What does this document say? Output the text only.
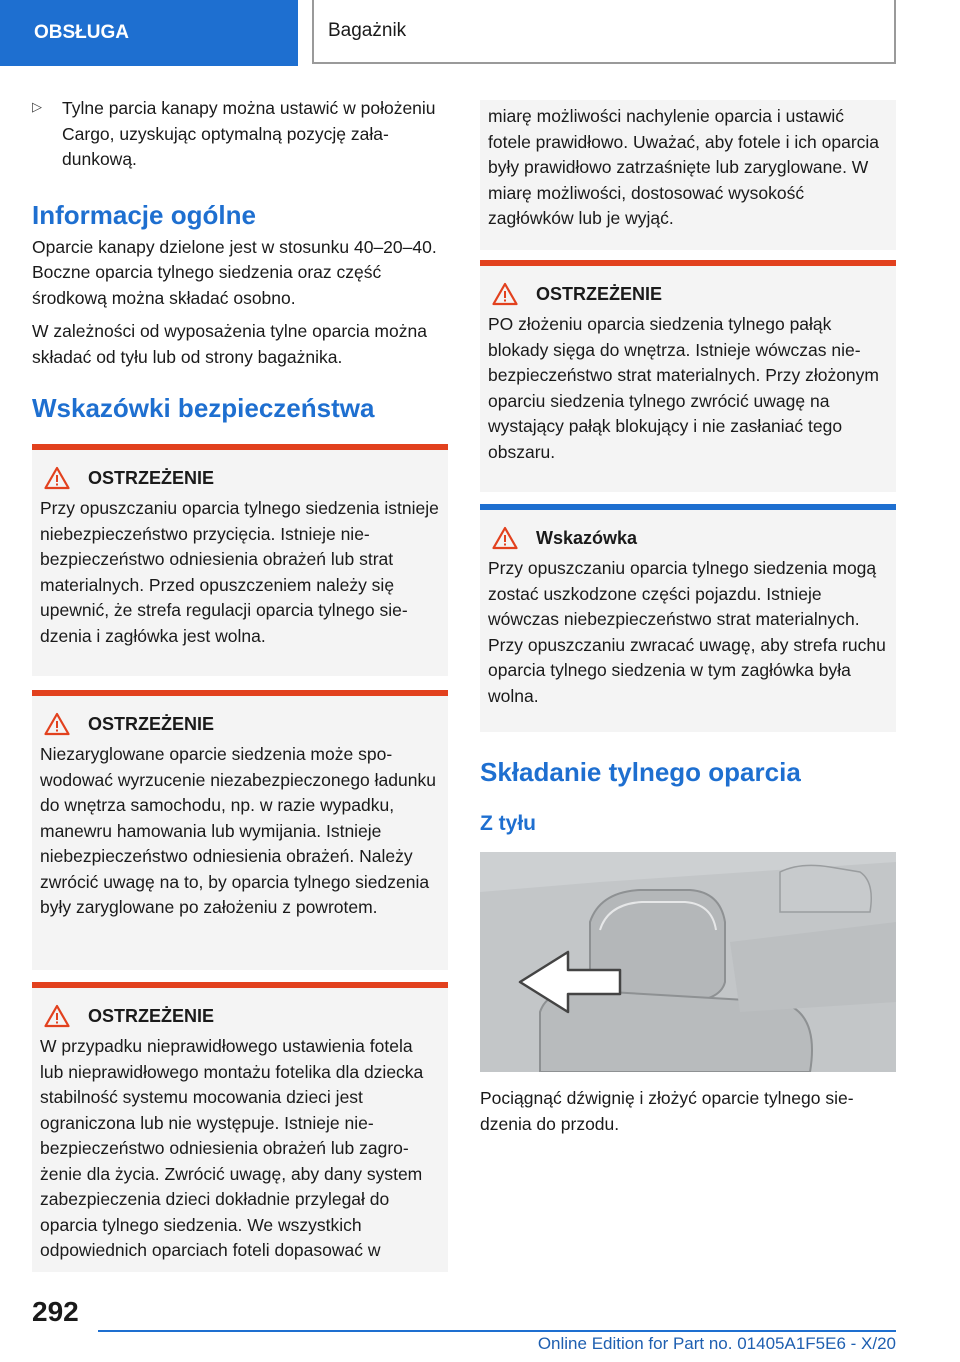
OBSŁUGA	Bagażnik
▷	Tylne parcia kanapy można ustawić w położeniu Cargo, uzyskując optymalną pozycję załadunkową.

Informacje ogólne

Oparcie kanapy dzielone jest w stosunku 40–20–40. Boczne oparcia tylnego siedzenia oraz część środkową można składać osobno.

W zależności od wyposażenia tylne oparcia można składać od tyłu lub od strony bagażnika.

Wskazówki bezpieczeństwa
OSTRZEŻENIE

Przy opuszczaniu oparcia tylnego siedzenia istnieje niebezpieczeństwo przycięcia. Istnieje niebezpieczeństwo odniesienia obrażeń lub strat materialnych. Przed opuszczeniem należy się upewnić, że strefa regulacji oparcia tylnego siedzenia i zagłówka jest wolna.

OSTRZEŻENIE

Niezaryglowane oparcie siedzenia może spowodować wyrzucenie niezabezpieczonego ładunku do wnętrza samochodu, np. w razie wypadku, manewru hamowania lub wymijania. Istnieje niebezpieczeństwo odniesienia obrażeń. Należy zwrócić uwagę na to, by oparcia tylnego siedzenia były zaryglowane po założeniu z powrotem.

OSTRZEŻENIE

W przypadku nieprawidłowego ustawienia fotela lub nieprawidłowego montażu fotelika dla dziecka stabilność systemu mocowania dzieci jest ograniczona lub nie występuje. Istnieje niebezpieczeństwo odniesienia obrażeń lub zagrożenie dla życia. Zwrócić uwagę, aby dany system zabezpieczenia dzieci dokładnie przylegał do oparcia tylnego siedzenia. We wszystkich odpowiednich oparciach foteli dopasować w

miarę możliwości nachylenie oparcia i ustawić fotele prawidłowo. Uważać, aby fotele i ich oparcia były prawidłowo zatrzaśnięte lub zaryglowane. W miarę możliwości, dostosować wysokość zagłówków lub je wyjąć.

OSTRZEŻENIE

PO złożeniu oparcia siedzenia tylnego pałąk blokady sięga do wnętrza. Istnieje wówczas niebezpieczeństwo strat materialnych. Przy złożonym oparciu siedzenia tylnego zwrócić uwagę na wystający pałąk blokujący i nie zasłaniać tego obszaru.

Wskazówka

Przy opuszczaniu oparcia tylnego siedzenia mogą zostać uszkodzone części pojazdu. Istnieje wówczas niebezpieczeństwo strat materialnych. Przy opuszczaniu zwracać uwagę, aby strefa ruchu oparcia tylnego siedzenia w tym zagłówka była wolna.

Składanie tylnego oparcia
Z tyłu

Pociągnąć dźwignię i złożyć oparcie tylnego siedzenia do przodu.

292
Online Edition for Part no. 01405A1F5E6 - X/20
